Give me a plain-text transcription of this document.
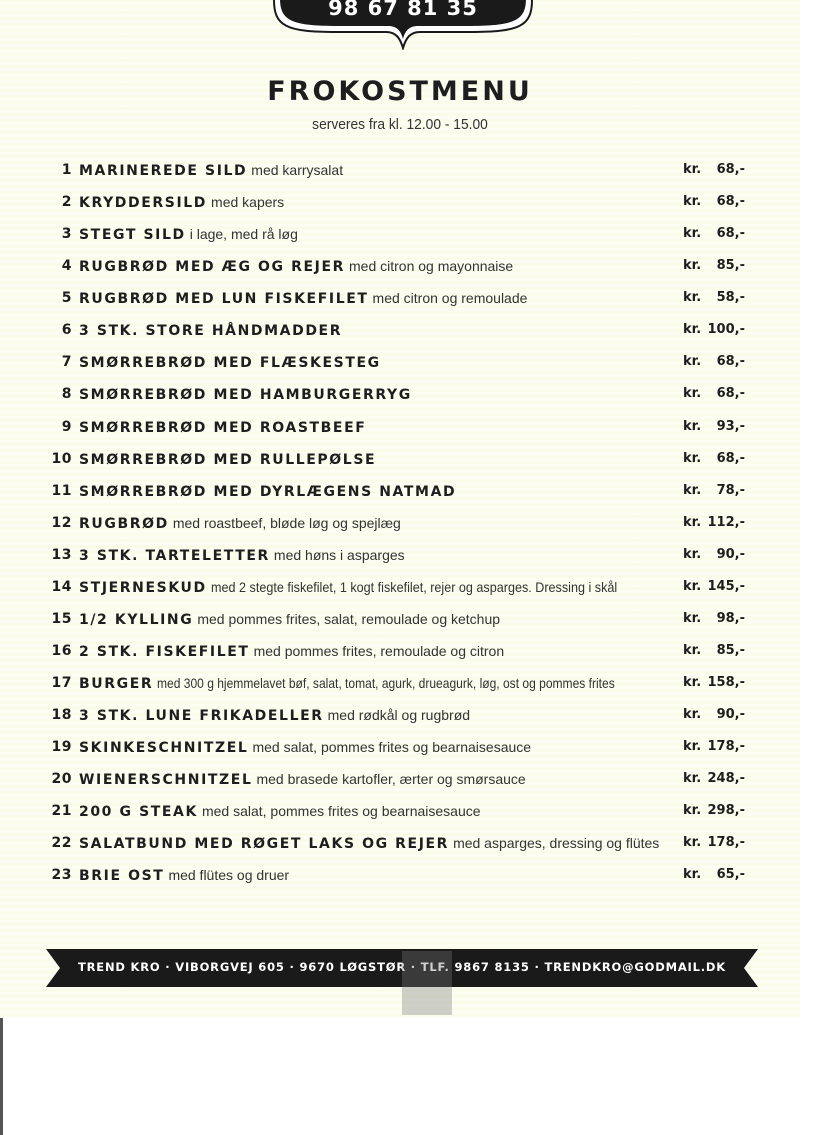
98 67 81 35
FROKOSTMENU
serveres fra kl. 12.00 - 15.00
1 MARINEREDE SILD med karrysalat	kr.	68,-
2 KRYDDERSILD med kapers	kr.	68,-
3 STEGT SILD i lage, med rå løg	kr.	68,-
4 RUGBRØD MED ÆG OG REJER med citron og mayonnaise	kr.	85,-
5 RUGBRØD MED LUN FISKEFILET med citron og remoulade	kr.	58,-
6 3 STK. STORE HÅNDMADDER	kr. 100,-
7 SMØRREBRØD MED FLÆSKESTEG	kr.	68,-
8 SMØRREBRØD MED HAMBURGERRYG	kr.	68,-
9 SMØRREBRØD MED ROASTBEEF	kr.	93,-
10 SMØRREBRØD MED RULLEPØLSE	kr.	68,-
11 SMØRREBRØD MED DYRLÆGENS NATMAD	kr.	78,-
12 RUGBRØD med roastbeef, bløde løg og spejlæg	kr. 112,-
13 3 STK. TARTELETTER med høns i asparges	kr.	90,-
14 STJERNESKUD med 2 stegte fiskefilet, 1 kogt fiskefilet, rejer og asparges. Dressing i skål	kr. 145,-
15 1/2 KYLLING med pommes frites, salat, remoulade og ketchup	kr.	98,-
16 2 STK. FISKEFILET med pommes frites, remoulade og citron	kr.	85,-
17 BURGER med 300 g hjemmelavet bøf, salat, tomat, agurk, drueagurk, løg, ost og pommes frites	kr. 158,-
18 3 STK. LUNE FRIKADELLER med rødkål og rugbrød	kr.	90,-
19 SKINKESCHNITZEL med salat, pommes frites og bearnaisesauce	kr. 178,-
20 WIENERSCHNITZEL med brasede kartofler, ærter og smørsauce	kr. 248,-
21 200 G STEAK med salat, pommes frites og bearnaisesauce	kr. 298,-
22 SALATBUND MED RØGET LAKS OG REJER med asparges, dressing og flütes kr. 178,-
23 BRIE OST med flütes og druer	kr.	65,-
TREND KRO · VIBORGVEJ 605 · 9670 LØGSTØR · TLF. 9867 8135 · TRENDKRO@GODMAIL.DK
